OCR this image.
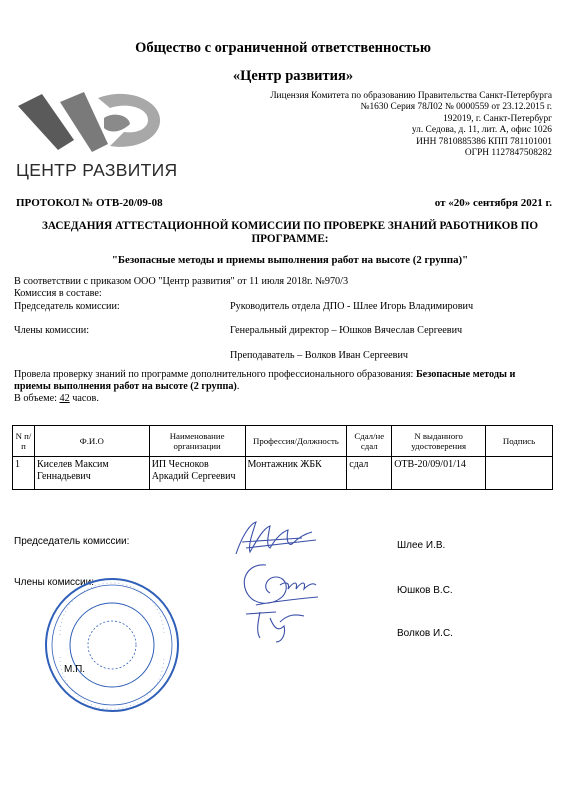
Общество с ограниченной ответственностью
«Центр развития»
ЦЕНТР РАЗВИТИЯ
Лицензия Комитета по образованию Правительства Санкт-Петербурга
№1630 Серия 78Л02 № 0000559 от 23.12.2015 г.
192019, г. Санкт-Петербург
ул. Седова, д. 11, лит. А, офис 1026
ИНН 7810885386 КПП 781101001
ОГРН 1127847508282
ПРОТОКОЛ № ОТВ-20/09-08	от «20» сентября 2021 г.
ЗАСЕДАНИЯ АТТЕСТАЦИОННОЙ КОМИССИИ ПО ПРОВЕРКЕ ЗНАНИЙ РАБОТНИКОВ ПО
ПРОГРАММЕ:
"Безопасные методы и приемы выполнения работ на высоте (2 группа)"
В соответствии с приказом ООО "Центр развития" от 11 июля 2018г. №970/3
Комиссия в составе:
Председатель комиссии:	Руководитель отдела ДПО - Шлее Игорь Владимирович
Члены комиссии:	Генеральный директор – Юшков Вячеслав Сергеевич
Преподаватель – Волков Иван Сергеевич
Провела проверку знаний по программе дополнительного профессионального образования: Безопасные методы и приемы выполнения работ на высоте (2 группа).
В объеме: 42 часов.
N п/п	Ф.И.О	Наименование организации	Профессия/Должность	Сдал/не сдал	N выданного удостоверения	Подпись
1	Киселев Максим Геннадьевич	ИП Чесноков Аркадий Сергеевич	Монтажник ЖБК	сдал	ОТВ-20/09/01/14	
Председатель комиссии:
Члены комиссии:
Шлее И.В.
Юшков В.С.
Волков И.С.
М.П.
